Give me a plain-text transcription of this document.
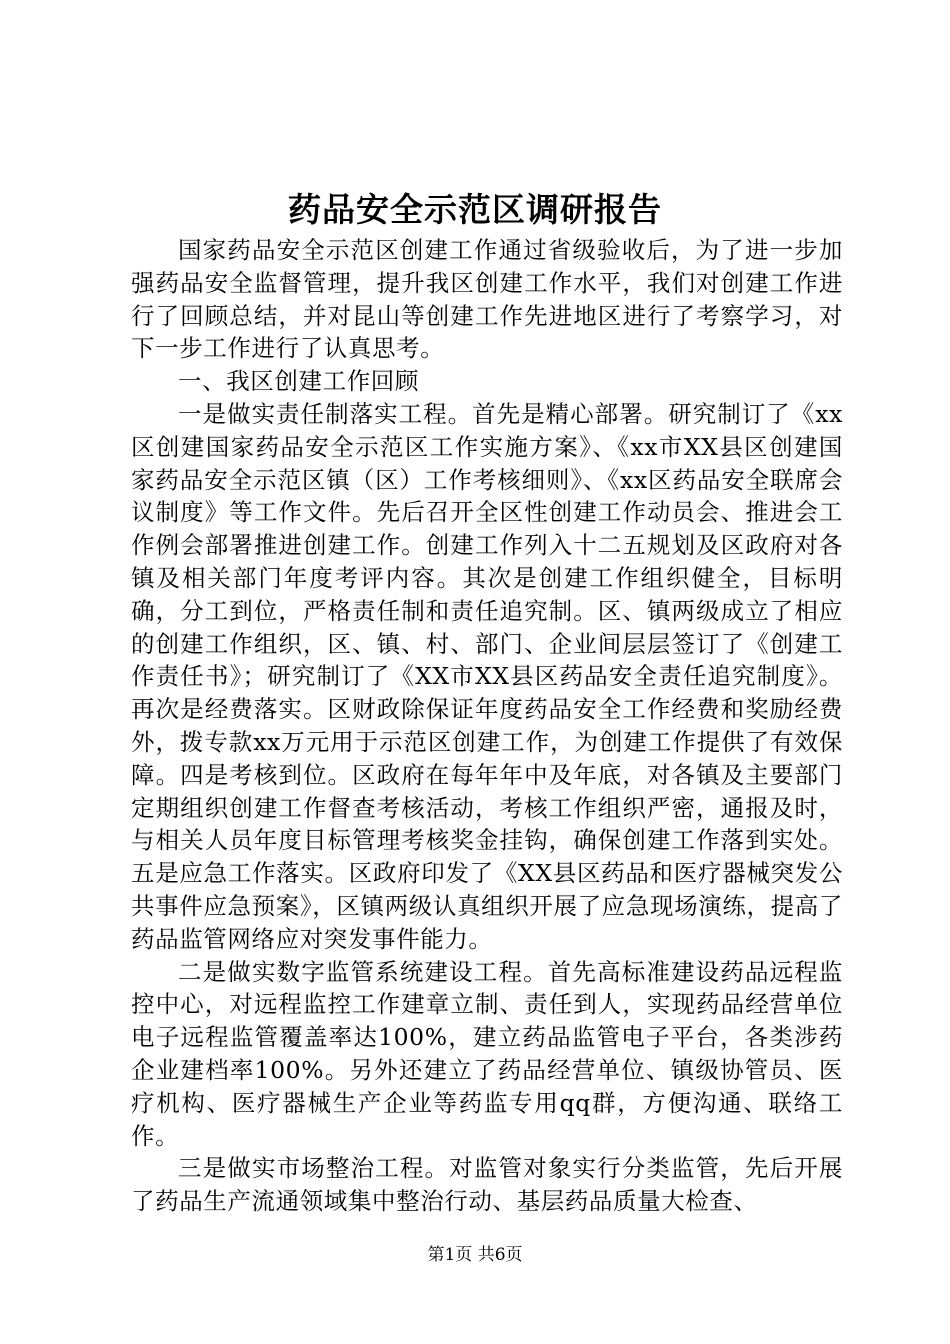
药品安全示范区调研报告

国家药品安全示范区创建工作通过省级验收后，为了进一步加强药品安全监督管理，提升我区创建工作水平，我们对创建工作进行了回顾总结，并对昆山等创建工作先进地区进行了考察学习，对下一步工作进行了认真思考。

一、我区创建工作回顾

一是做实责任制落实工程。首先是精心部署。研究制订了《xx区创建国家药品安全示范区工作实施方案》、《xx市XX县区创建国家药品安全示范区镇（区）工作考核细则》、《xx区药品安全联席会议制度》等工作文件。先后召开全区性创建工作动员会、推进会工作例会部署推进创建工作。创建工作列入十二五规划及区政府对各镇及相关部门年度考评内容。其次是创建工作组织健全，目标明确，分工到位，严格责任制和责任追究制。区、镇两级成立了相应的创建工作组织，区、镇、村、部门、企业间层层签订了《创建工作责任书》；研究制订了《XX市XX县区药品安全责任追究制度》。再次是经费落实。区财政除保证年度药品安全工作经费和奖励经费外，拨专款xx万元用于示范区创建工作，为创建工作提供了有效保障。四是考核到位。区政府在每年年中及年底，对各镇及主要部门定期组织创建工作督查考核活动，考核工作组织严密，通报及时，与相关人员年度目标管理考核奖金挂钩，确保创建工作落到实处。五是应急工作落实。区政府印发了《XX县区药品和医疗器械突发公共事件应急预案》，区镇两级认真组织开展了应急现场演练，提高了药品监管网络应对突发事件能力。

二是做实数字监管系统建设工程。首先高标准建设药品远程监控中心，对远程监控工作建章立制、责任到人，实现药品经营单位电子远程监管覆盖率达100%，建立药品监管电子平台，各类涉药企业建档率100%。另外还建立了药品经营单位、镇级协管员、医疗机构、医疗器械生产企业等药监专用qq群，方便沟通、联络工作。

三是做实市场整治工程。对监管对象实行分类监管，先后开展了药品生产流通领域集中整治行动、基层药品质量大检查、

第1页 共6页
